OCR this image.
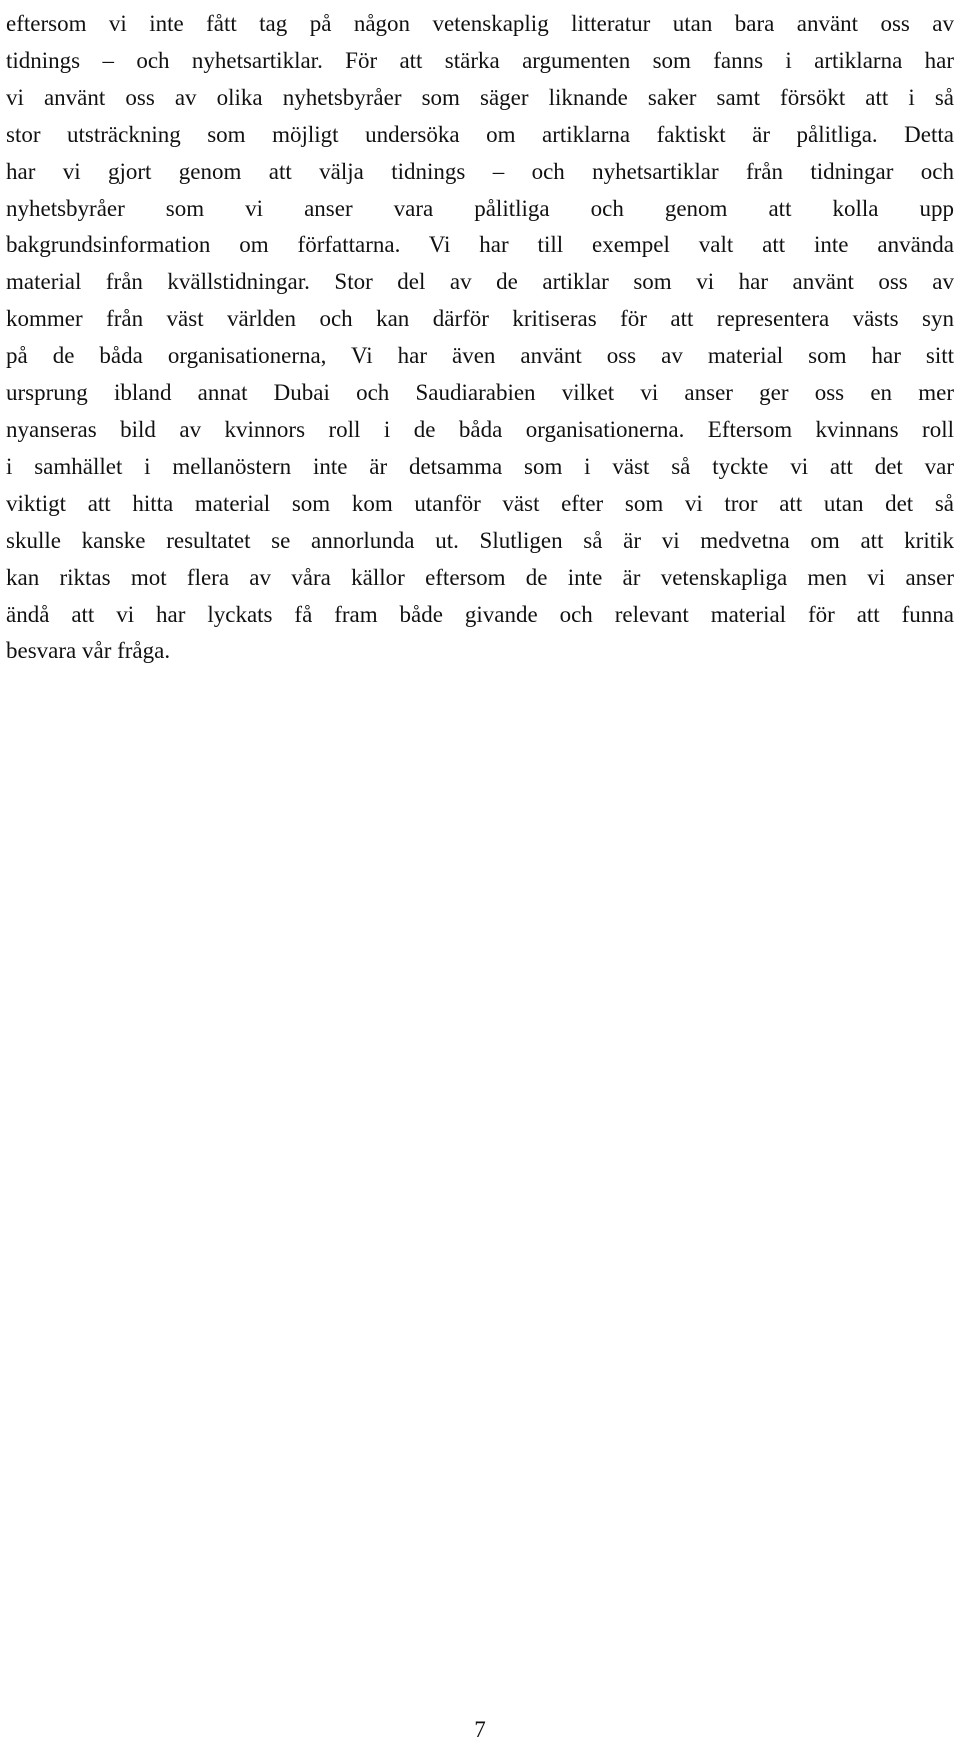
eftersom vi inte fått tag på någon vetenskaplig litteratur utan bara använt oss av
tidnings – och nyhetsartiklar. För att stärka argumenten som fanns i artiklarna har
vi använt oss av olika nyhetsbyråer som säger liknande saker samt försökt att i så
stor utsträckning som möjligt undersöka om artiklarna faktiskt är pålitliga. Detta
har vi gjort genom att välja tidnings – och nyhetsartiklar från tidningar och
nyhetsbyråer som vi anser vara pålitliga och genom att kolla upp
bakgrundsinformation om författarna. Vi har till exempel valt att inte använda
material från kvällstidningar. Stor del av de artiklar som vi har använt oss av
kommer från väst världen och kan därför kritiseras för att representera västs syn
på de båda organisationerna, Vi har även använt oss av material som har sitt
ursprung ibland annat Dubai och Saudiarabien vilket vi anser ger oss en mer
nyanseras bild av kvinnors roll i de båda organisationerna. Eftersom kvinnans roll
i samhället i mellanöstern inte är detsamma som i väst så tyckte vi att det var
viktigt att hitta material som kom utanför väst efter som vi tror att utan det så
skulle kanske resultatet se annorlunda ut. Slutligen så är vi medvetna om att kritik
kan riktas mot flera av våra källor eftersom de inte är vetenskapliga men vi anser
ändå att vi har lyckats få fram både givande och relevant material för att funna
besvara vår fråga.

7
